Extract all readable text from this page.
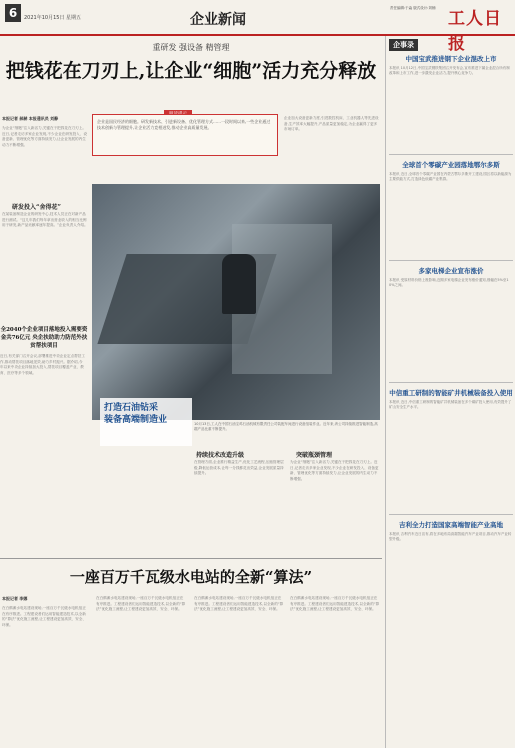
6	2021年10月15日 星期五	企业新闻
责任编辑:于淼 版式设计:刘楠
工人日报
重研发 强设备 精管理
把钱花在刀刃上,让企业“细胞”活力充分释放
企业是国民经济的细胞。研发新技术、引进新设备、优化管理方式……一段时间以来,一些企业通过技术创新与管理提升,让企业活力竞相迸发,推动企业高质量发展。
本报记者 郝赫 本报通讯员 刘静
为企业“细胞”注入新活力,关键在于把钱花在刀刃上。近日,记者走访多家企业发现,不少企业在研发投入、设备更新、管理优化等方面持续发力,让企业发展的内生动力不断增强。
研发投入“舍得花”
在某装备制造企业的研发中心,技术人员正在对新产品进行测试。“这几年我们每年拿出营业收入的相当比例用于研发,新产品贡献率逐年提高。”企业负责人介绍。
企业加大设备更新力度,引进数控机床、工业机器人等先进设备,生产效率大幅提升,产品质量更加稳定,为企业赢得了更多市场订单。
打造石油钻采
装备高端制造业	10月13日,工人在中国石油宝鸡石油机械有限责任公司装配车间进行设备组装作业。近年来,该公司持续推进智能制造,高端产品比重不断提升。
全2040个企业项目落地投入需要资金共76亿元 央企扶助助力防范外扶贫帮扶项目
近日,有关部门召开会议,部署推进中央企业定点帮扶工作,推动帮扶项目落地见效,助力乡村振兴。据介绍,今年以来中央企业持续加大投入,帮扶项目覆盖产业、教育、医疗等多个领域。
持续技术改造升级
在管理方面,企业推行精益生产,优化工艺流程,压缩管理层级,降低运营成本,让每一分钱都花出效益,企业发展质量持续提升。
突破瓶颈管理
为企业“细胞”注入新活力,关键在于把钱花在刀刃上。近日,记者走访多家企业发现,不少企业在研发投入、设备更新、管理优化等方面持续发力,让企业发展的内生动力不断增强。
一座百万千瓦级水电站的全新“算法”
本报记者 李娜
在白鹤滩水电站建设现场,一座百万千瓦级水电机组正在有序推进。工程建设者们运用智能建造技术,以全新的“算法”优化施工流程,让工程建设更加高效、安全、环保。
在白鹤滩水电站建设现场,一座百万千瓦级水电机组正在有序推进。工程建设者们运用智能建造技术,以全新的“算法”优化施工流程,让工程建设更加高效、安全、环保。
在白鹤滩水电站建设现场,一座百万千瓦级水电机组正在有序推进。工程建设者们运用智能建造技术,以全新的“算法”优化施工流程,让工程建设更加高效、安全、环保。
在白鹤滩水电站建设现场,一座百万千瓦级水电机组正在有序推进。工程建设者们运用智能建造技术,以全新的“算法”优化施工流程,让工程建设更加高效、安全、环保。
企事录
中国宝武推进钢下企业混改上市
本报讯 10月12日,中国宝武钢铁集团召开发布会,宣布推进下属企业混合所有制改革和上市工作,进一步激发企业活力,提升核心竞争力。
全球首个零碳产业园落地鄂尔多斯
本报讯 近日,全球首个零碳产业园在内蒙古鄂尔多斯开工建设,园区将以新能源为主要供能方式,打造绿色低碳产业集群。
多家电梯企业宣布涨价
本报讯 受原材料价格上涨影响,近期多家电梯企业发布涨价通知,涨幅在5%至10%之间。
中信重工研制的智能矿井机械装备投入使用
本报讯 近日,中信重工研制的智能矿井机械装备在多个煤矿投入使用,有效提升了矿山安全生产水平。
吉利全力打造国家高端智能产业高地
本报讯 吉利汽车近日宣布,将在多地布局高端智能汽车产业项目,推动汽车产业转型升级。
